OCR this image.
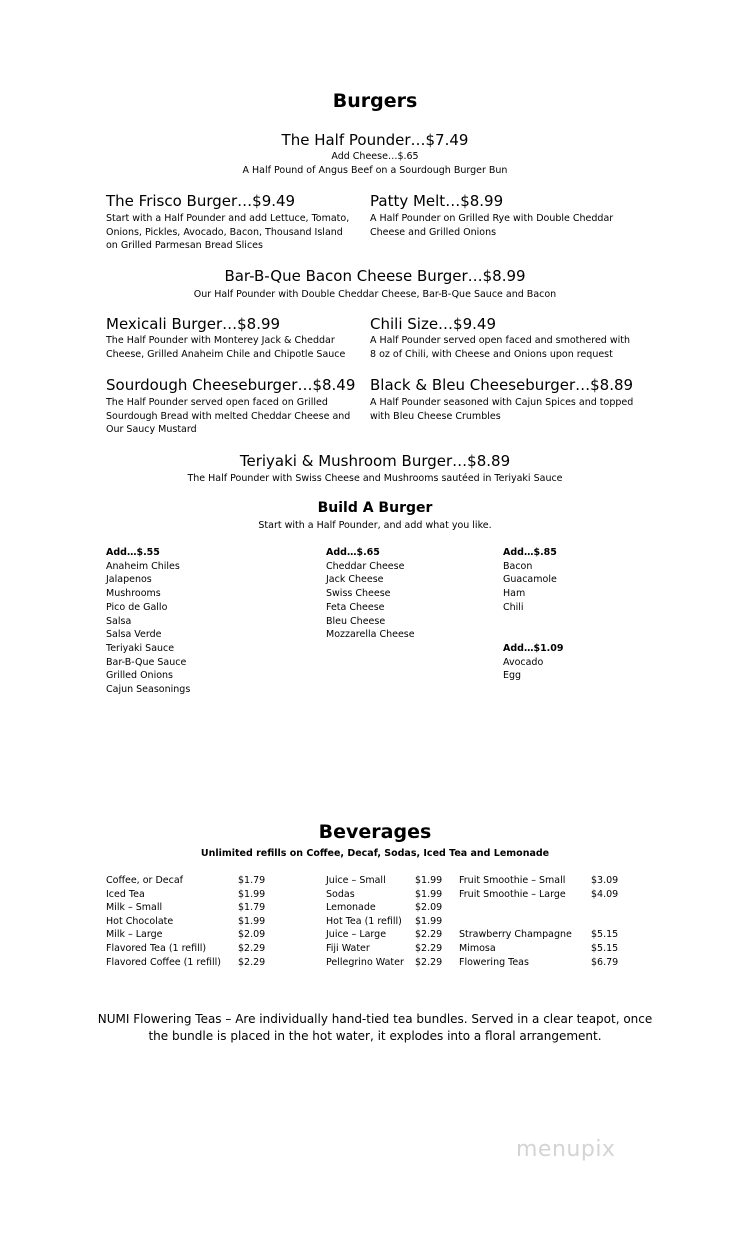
Burgers
The Half Pounder…$7.49
Add Cheese…$.65
A Half Pound of Angus Beef on a Sourdough Burger Bun
The Frisco Burger…$9.49
Start with a Half Pounder and add Lettuce, Tomato, Onions, Pickles, Avocado, Bacon, Thousand Island on Grilled Parmesan Bread Slices
Patty Melt…$8.99
A Half Pounder on Grilled Rye with Double Cheddar Cheese and Grilled Onions
Bar-B-Que Bacon Cheese Burger…$8.99
Our Half Pounder with Double Cheddar Cheese, Bar-B-Que Sauce and Bacon
Mexicali Burger…$8.99
The Half Pounder with Monterey Jack & Cheddar Cheese, Grilled Anaheim Chile and Chipotle Sauce
Chili Size…$9.49
A Half Pounder served open faced and smothered with 8 oz of Chili, with Cheese and Onions upon request
Sourdough Cheeseburger…$8.49
The Half Pounder served open faced on Grilled Sourdough Bread with melted Cheddar Cheese and Our Saucy Mustard
Black & Bleu Cheeseburger…$8.89
A Half Pounder seasoned with Cajun Spices and topped with Bleu Cheese Crumbles
Teriyaki & Mushroom Burger…$8.89
The Half Pounder with Swiss Cheese and Mushrooms sautéed in Teriyaki Sauce
Build A Burger
Start with a Half Pounder, and add what you like.
Add…$.55
Anaheim Chiles
Jalapenos
Mushrooms
Pico de Gallo
Salsa
Salsa Verde
Teriyaki Sauce
Bar-B-Que Sauce
Grilled Onions
Cajun Seasonings
Add…$.65
Cheddar Cheese
Jack Cheese
Swiss Cheese
Feta Cheese
Bleu Cheese
Mozzarella Cheese
Add…$.85
Bacon
Guacamole
Ham
Chili
Add…$1.09
Avocado
Egg
Beverages
Unlimited refills on Coffee, Decaf, Sodas, Iced Tea and Lemonade
Coffee, or Decaf	$1.79
Iced Tea	$1.99
Milk – Small	$1.79
Hot Chocolate	$1.99
Milk – Large	$2.09
Flavored Tea (1 refill)	$2.29
Flavored Coffee (1 refill) $2.29
Juice – Small	$1.99
Sodas	$1.99
Lemonade	$2.09
Hot Tea (1 refill) $1.99
Juice – Large	$2.29
Fiji Water	$2.29
Pellegrino Water $2.29
Fruit Smoothie – Small	$3.09
Fruit Smoothie – Large	$4.09
Strawberry Champagne $5.15
Mimosa	$5.15
Flowering Teas	$6.79
NUMI Flowering Teas – Are individually hand-tied tea bundles. Served in a clear teapot, once
the bundle is placed in the hot water, it explodes into a floral arrangement.
menupix
